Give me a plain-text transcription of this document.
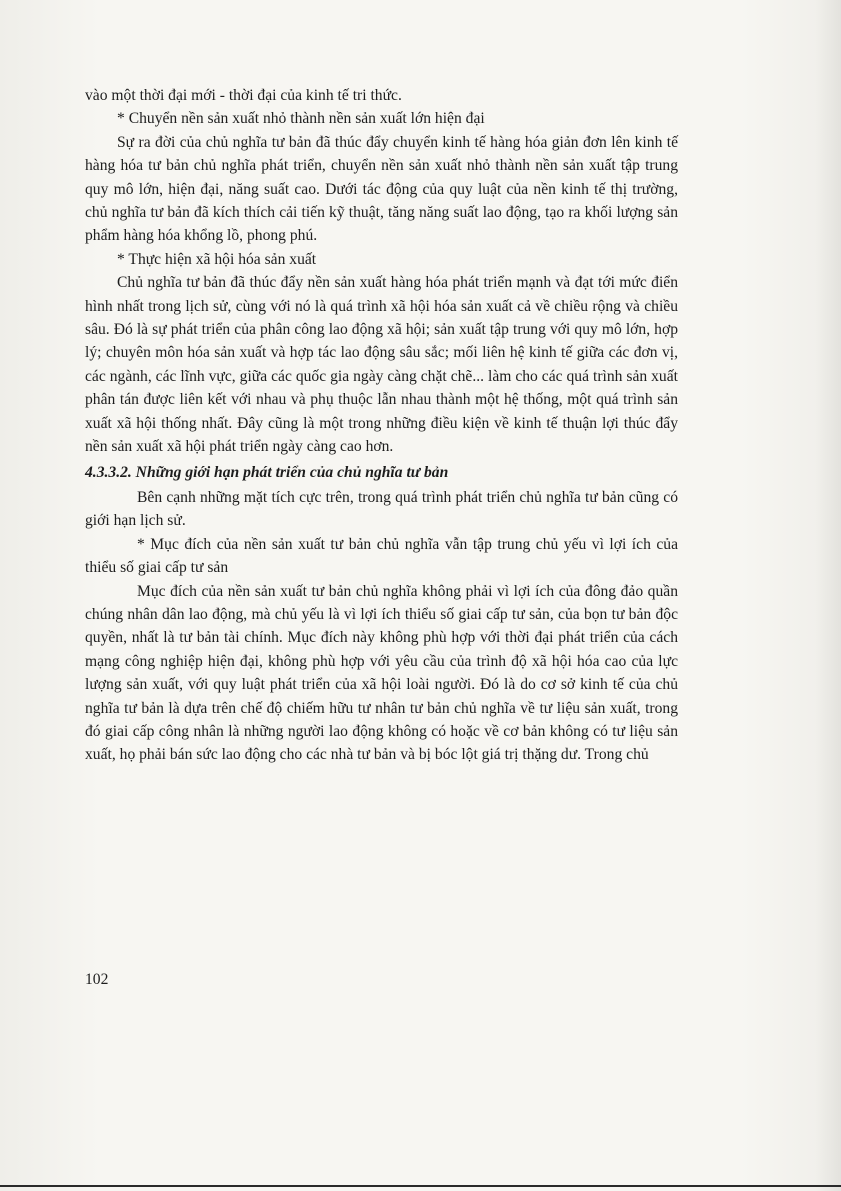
vào một thời đại mới - thời đại của kinh tế tri thức.

* Chuyển nền sản xuất nhỏ thành nền sản xuất lớn hiện đại

Sự ra đời của chủ nghĩa tư bản đã thúc đẩy chuyển kinh tế hàng hóa giản đơn lên kinh tế hàng hóa tư bản chủ nghĩa phát triển, chuyển nền sản xuất nhỏ thành nền sản xuất tập trung quy mô lớn, hiện đại, năng suất cao. Dưới tác động của quy luật của nền kinh tế thị trường, chủ nghĩa tư bản đã kích thích cải tiến kỹ thuật, tăng năng suất lao động, tạo ra khối lượng sản phẩm hàng hóa khổng lồ, phong phú.

* Thực hiện xã hội hóa sản xuất

Chủ nghĩa tư bản đã thúc đẩy nền sản xuất hàng hóa phát triển mạnh và đạt tới mức điển hình nhất trong lịch sử, cùng với nó là quá trình xã hội hóa sản xuất cả về chiều rộng và chiều sâu. Đó là sự phát triển của phân công lao động xã hội; sản xuất tập trung với quy mô lớn, hợp lý; chuyên môn hóa sản xuất và hợp tác lao động sâu sắc; mối liên hệ kinh tế giữa các đơn vị, các ngành, các lĩnh vực, giữa các quốc gia ngày càng chặt chẽ... làm cho các quá trình sản xuất phân tán được liên kết với nhau và phụ thuộc lẫn nhau thành một hệ thống, một quá trình sản xuất xã hội thống nhất. Đây cũng là một trong những điều kiện về kinh tế thuận lợi thúc đẩy nền sản xuất xã hội phát triển ngày càng cao hơn.

4.3.3.2. Những giới hạn phát triển của chủ nghĩa tư bản

Bên cạnh những mặt tích cực trên, trong quá trình phát triển chủ nghĩa tư bản cũng có giới hạn lịch sử.

* Mục đích của nền sản xuất tư bản chủ nghĩa vẫn tập trung chủ yếu vì lợi ích của thiểu số giai cấp tư sản

Mục đích của nền sản xuất tư bản chủ nghĩa không phải vì lợi ích của đông đảo quần chúng nhân dân lao động, mà chủ yếu là vì lợi ích thiểu số giai cấp tư sản, của bọn tư bản độc quyền, nhất là tư bản tài chính. Mục đích này không phù hợp với thời đại phát triển của cách mạng công nghiệp hiện đại, không phù hợp với yêu cầu của trình độ xã hội hóa cao của lực lượng sản xuất, với quy luật phát triển của xã hội loài người. Đó là do cơ sở kinh tế của chủ nghĩa tư bản là dựa trên chế độ chiếm hữu tư nhân tư bản chủ nghĩa về tư liệu sản xuất, trong đó giai cấp công nhân là những người lao động không có hoặc về cơ bản không có tư liệu sản xuất, họ phải bán sức lao động cho các nhà tư bản và bị bóc lột giá trị thặng dư. Trong chủ

102
